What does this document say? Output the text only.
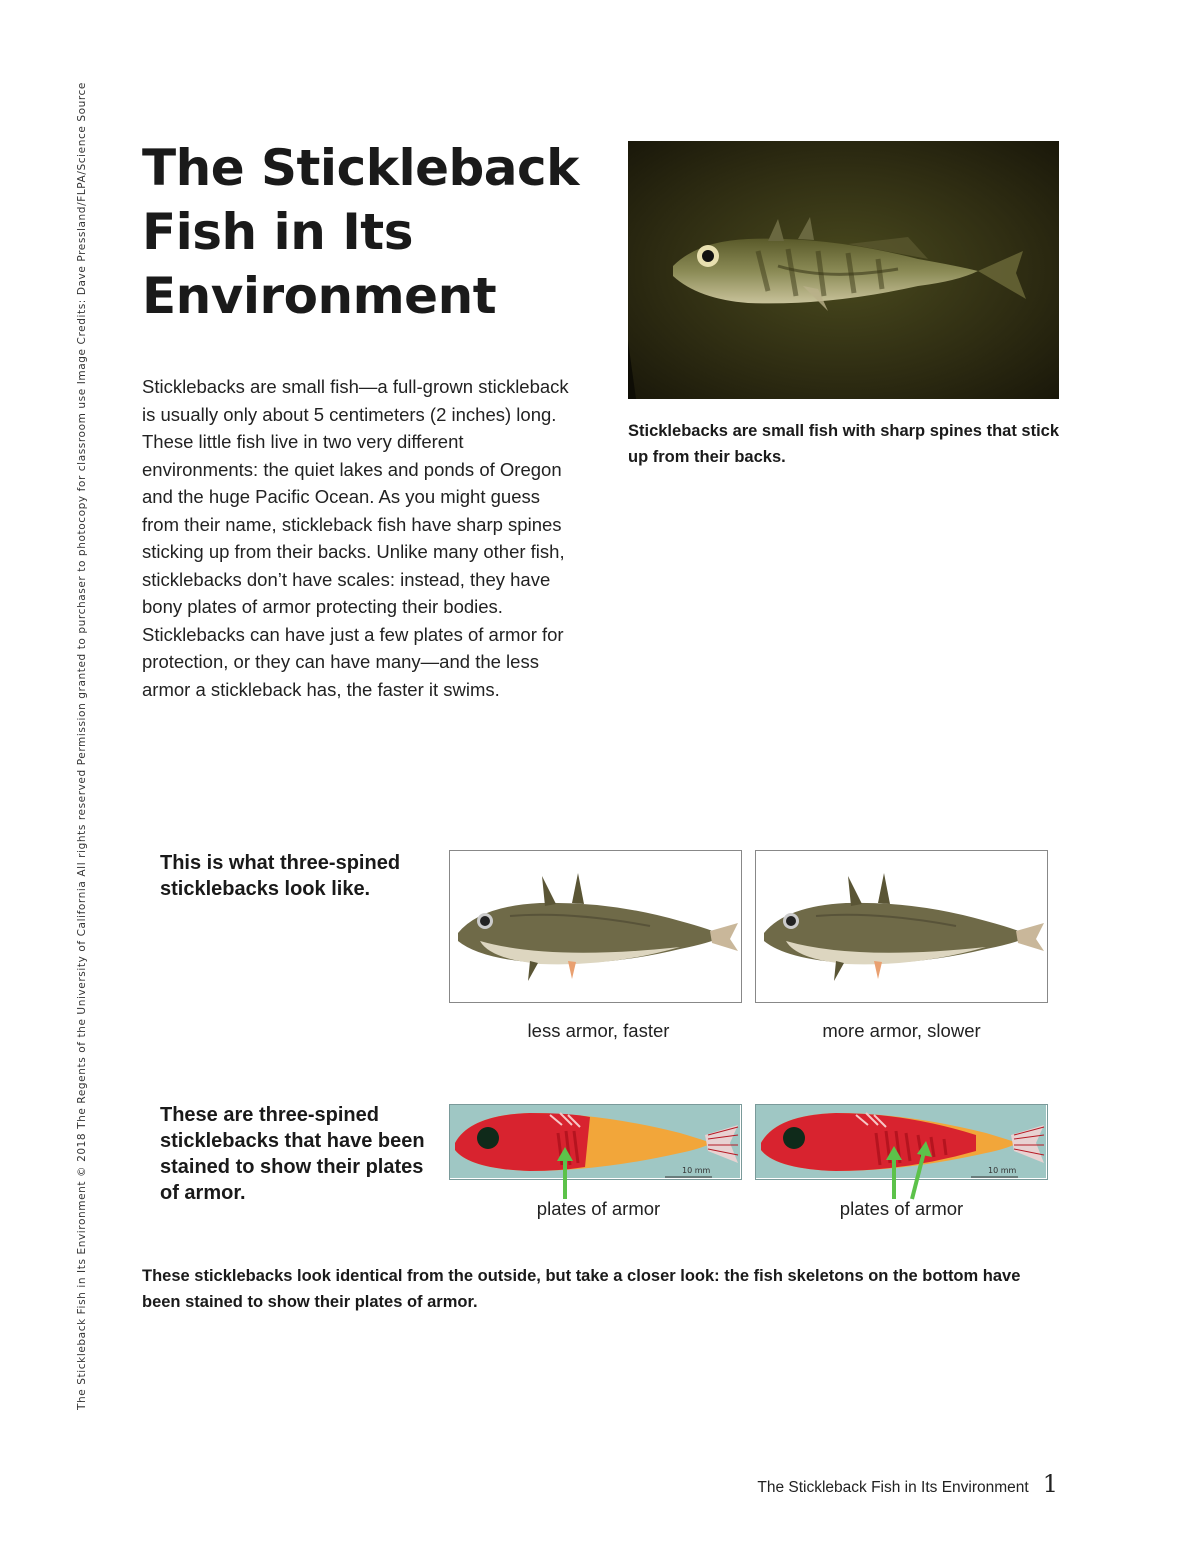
The Stickleback Fish in Its Environment © 2018 The Regents of the University of California All rights reserved Permission granted to purchaser to photocopy for classroom use Image Credits: Dave Pressland/FLPA/Science Source The Stickleback
Fish in Its
Environment

Sticklebacks are small fish—a full-grown stickleback is usually only about 5 centimeters (2 inches) long. These little fish live in two very different environments: the quiet lakes and ponds of Oregon and the huge Pacific Ocean. As you might guess from their name, stickleback fish have sharp spines sticking up from their backs. Unlike many other fish, sticklebacks don’t have scales: instead, they have bony plates of armor protecting their bodies. Sticklebacks can have just a few plates of armor for protection, or they can have many—and the less armor a stickleback has, the faster it swims.

Sticklebacks are small fish with sharp spines that stick up from their backs.

This is what three-spined sticklebacks look like.

less armor, faster	more armor, slower

These are three-spined sticklebacks that have been stained to show their plates of armor.

10 mm	10 mm

plates of armor	plates of armor

These sticklebacks look identical from the outside, but take a closer look: the fish skeletons on the bottom have been stained to show their plates of armor.

The Stickleback Fish in Its Environment 1
